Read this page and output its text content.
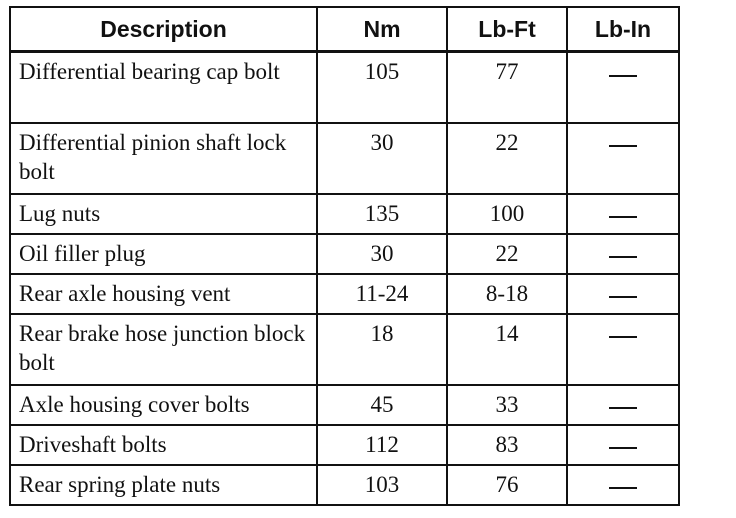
Description	Nm	Lb-Ft	Lb-In
Differential bearing cap bolt	105	77	
Differential pinion shaft lock bolt	30	22	
Lug nuts	135	100	
Oil filler plug	30	22	
Rear axle housing vent	11-24	8-18	
Rear brake hose junction block bolt	18	14	
Axle housing cover bolts	45	33	
Driveshaft bolts	112	83	
Rear spring plate nuts	103	76	
